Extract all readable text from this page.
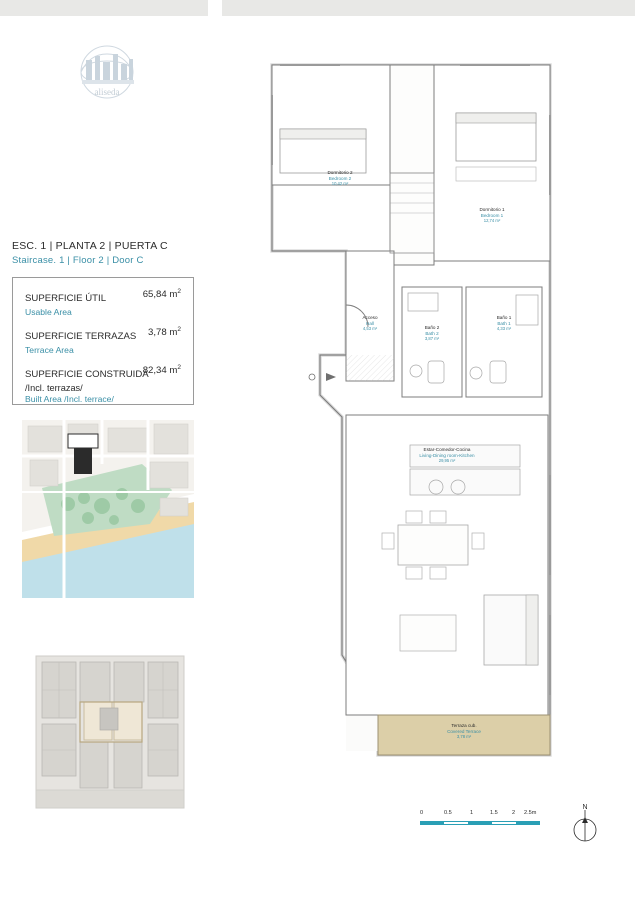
aliseda
ESC. 1 | PLANTA 2 | PUERTA C
Staircase. 1 | Floor 2 | Door C
SUPERFICIE ÚTIL	65,84 $m^2$
Usable Area
SUPERFICIE TERRAZAS 3,78 $m^2$
Terrace Area
SUPERFICIE CONSTRUIDA
82,34 $m^2$
/Incl. terrazas/
Built Area /Incl. terrace/
Dormitorio 2
Bedroom 2
10,42 m²
Dormitorio 1
Bedroom 1
12,74 m²
Acceso
Hall
4,53 m²	Baño 2
Bath 2
3,87 m²
Baño 1
Bath 1
4,33 m²
Estar-Comedor-Cocina
Living-Dining room-Kitchen
29,95 m²
Terraza cub.
Covered Terrace
3,78 m²
0	0.5	1	1.5	2 2.5m
N
